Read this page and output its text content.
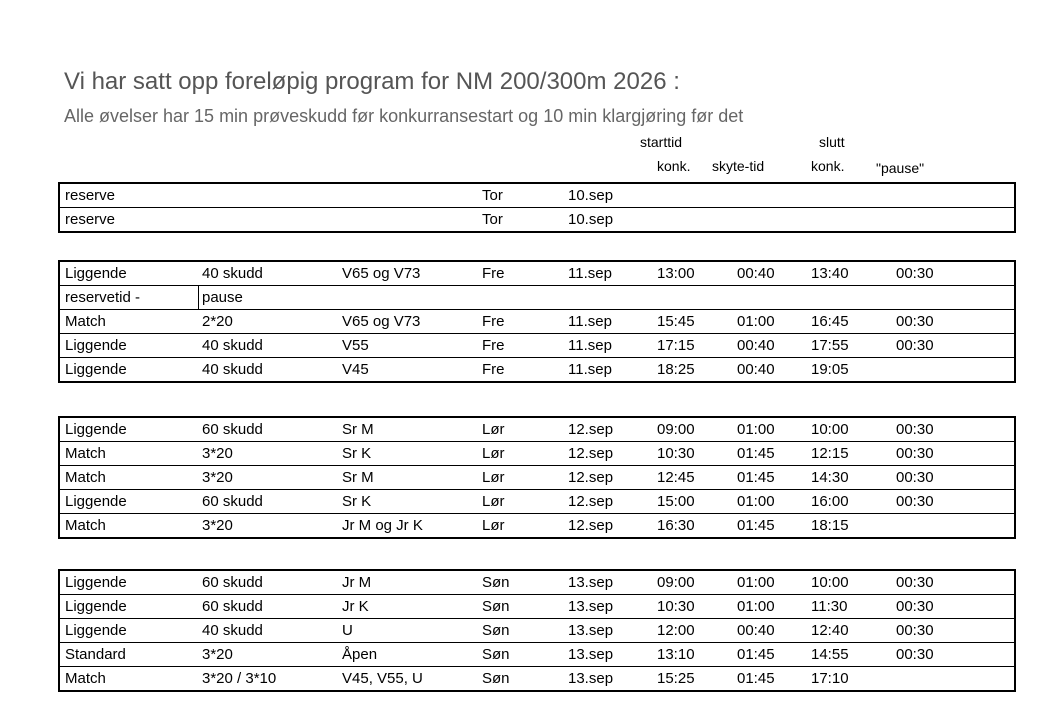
Vi har satt opp foreløpig program for NM 200/300m 2026 :
Alle øvelser har 15 min prøveskudd før konkurransestart og 10 min klargjøring før det
starttid
konk. skyte-tid
slutt
konk. "pause"
reserve	Tor	10.sep
reserve	Tor	10.sep
Liggende	40 skudd	V65 og V73	Fre	11.sep	13:00	00:40 13:40	00:30
reservetid -	pause
Match	2*20	V65 og V73	Fre	11.sep	15:45	01:00 16:45	00:30
Liggende	40 skudd	V55	Fre	11.sep	17:15	00:40 17:55	00:30
Liggende	40 skudd	V45	Fre	11.sep	18:25	00:40 19:05
Liggende	60 skudd	Sr M	Lør	12.sep	09:00	01:00 10:00	00:30
Match	3*20	Sr K	Lør	12.sep	10:30	01:45 12:15	00:30
Match	3*20	Sr M	Lør	12.sep	12:45	01:45 14:30	00:30
Liggende	60 skudd	Sr K	Lør	12.sep	15:00	01:00 16:00	00:30
Match	3*20	Jr M og Jr K	Lør	12.sep	16:30	01:45 18:15
Liggende	60 skudd	Jr M	Søn	13.sep	09:00	01:00 10:00	00:30
Liggende	60 skudd	Jr K	Søn	13.sep	10:30	01:00 11:30	00:30
Liggende	40 skudd	U	Søn	13.sep	12:00	00:40 12:40	00:30
Standard	3*20	Åpen	Søn	13.sep	13:10	01:45 14:55	00:30
Match	3*20 / 3*10	V45, V55, U	Søn	13.sep	15:25	01:45 17:10
